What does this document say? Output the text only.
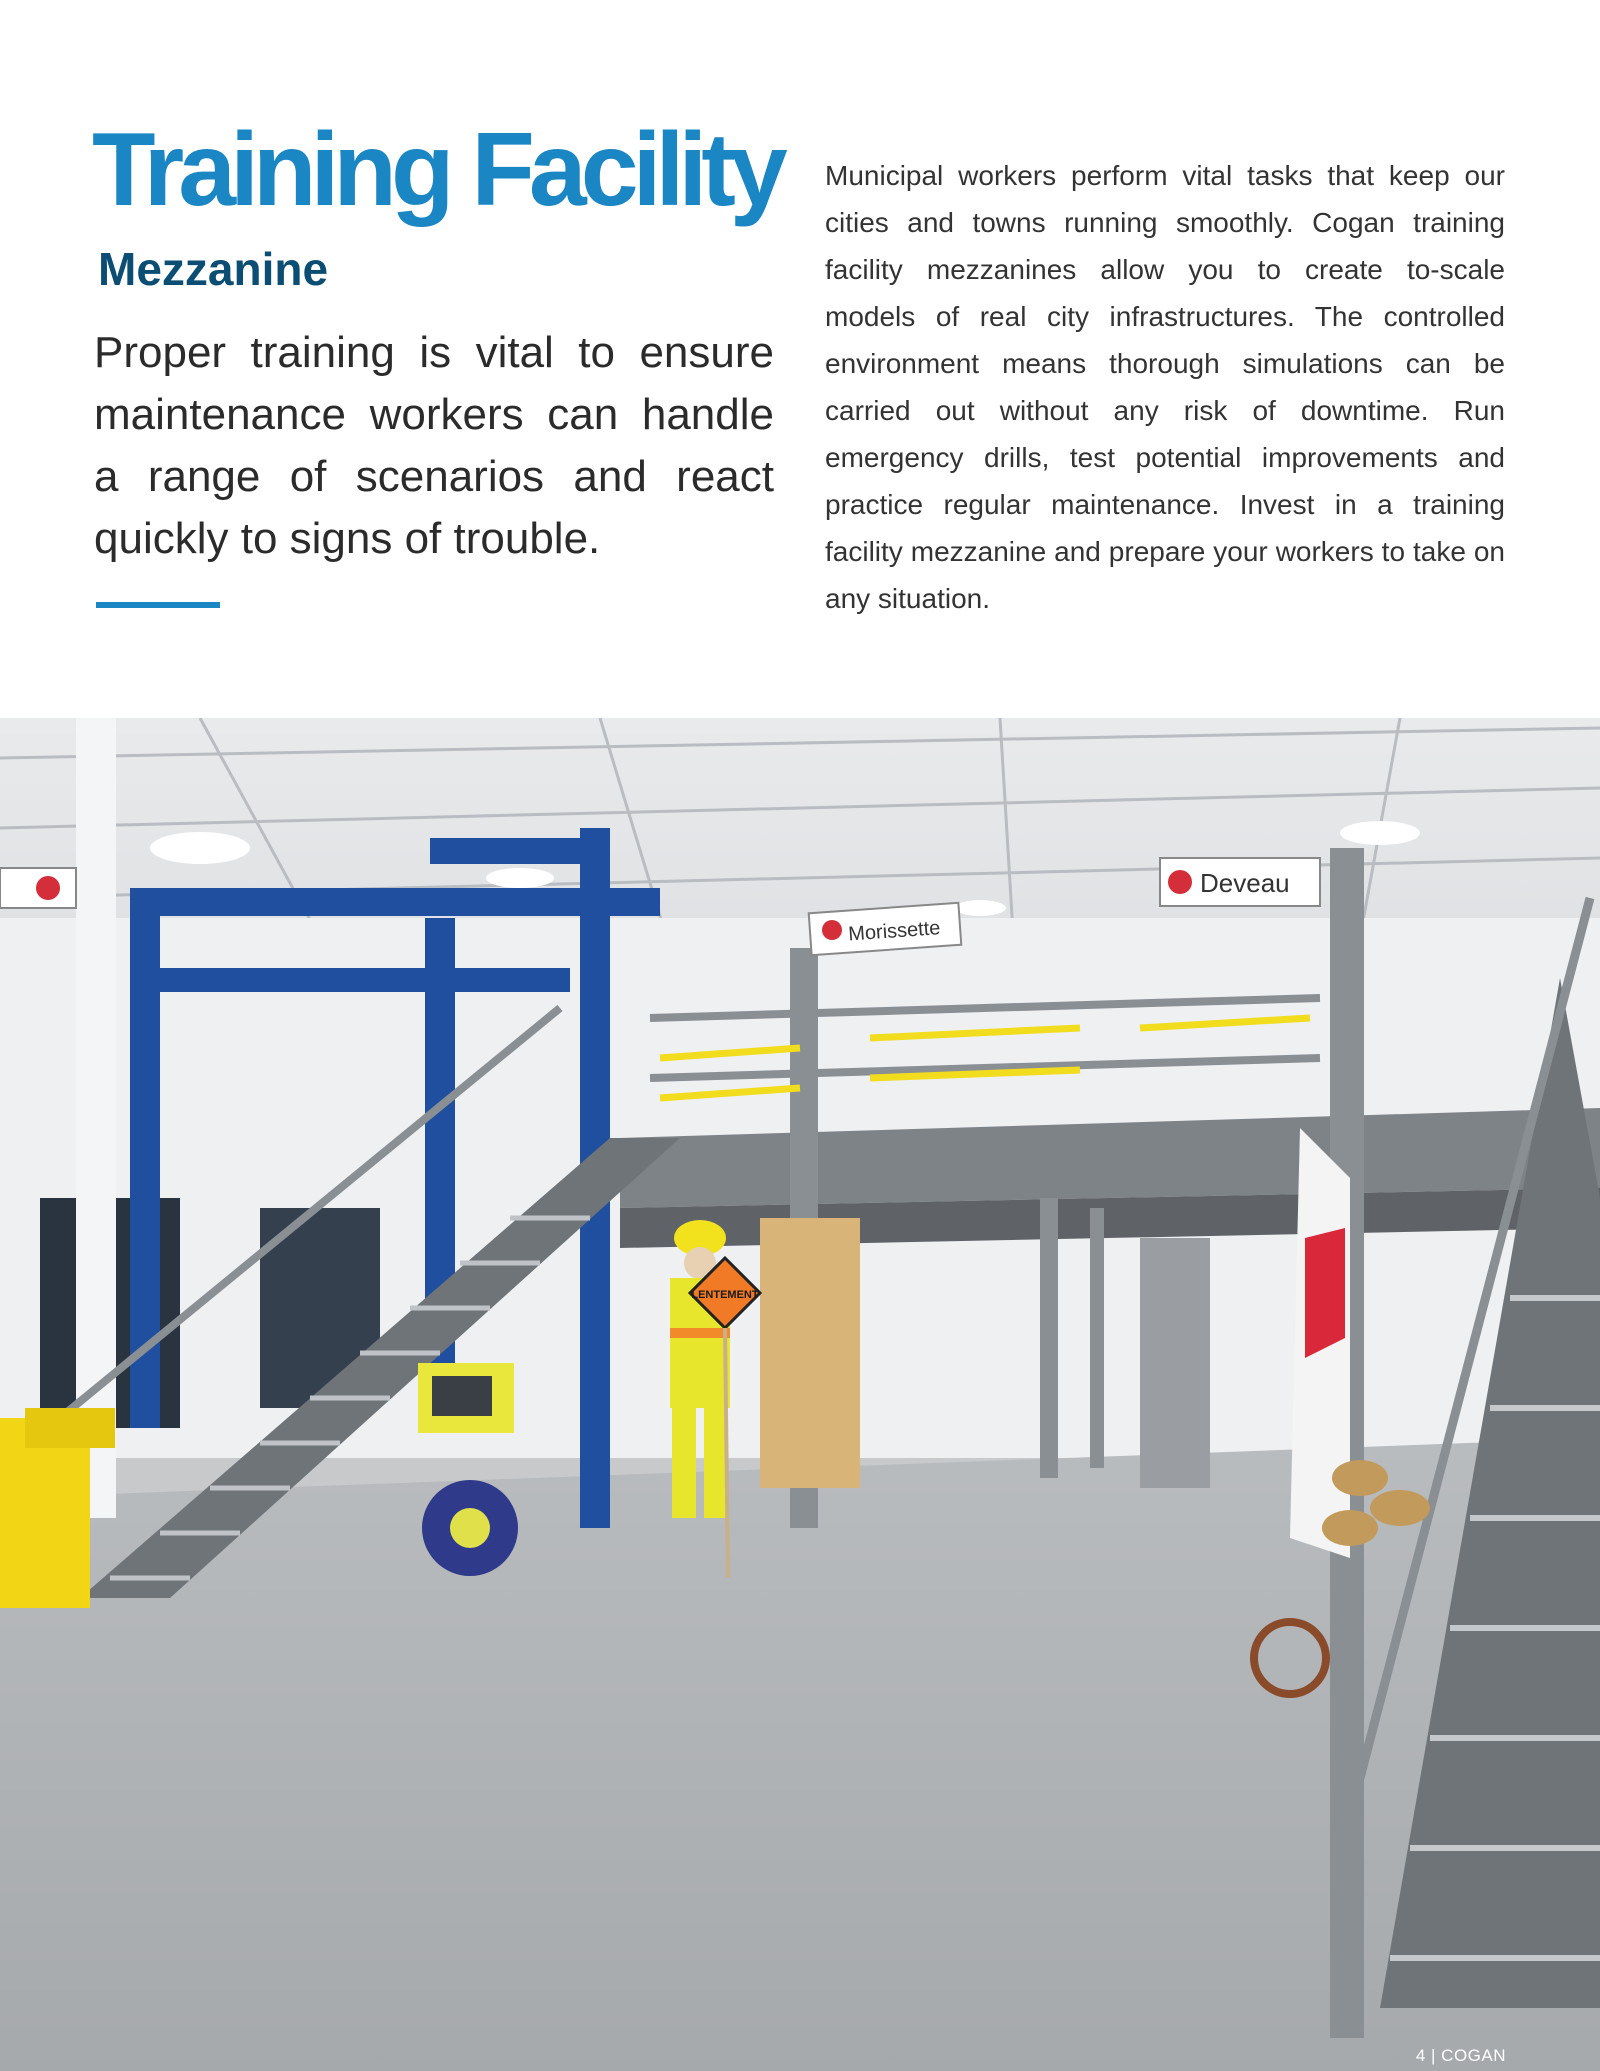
Training Facility
Mezzanine

Proper training is vital to ensure maintenance workers can handle a range of scenarios and react quickly to signs of trouble.

Municipal workers perform vital tasks that keep our cities and towns running smoothly. Cogan training facility mezzanines allow you to create to-scale models of real city infrastructures. The controlled environment means thorough simulations can be carried out without any risk of downtime. Run emergency drills, test potential improvements and practice regular maintenance. Invest in a training facility mezzanine and prepare your workers to take on any situation.

LENTEMENT
Morissette
Deveau
4 | COGAN
